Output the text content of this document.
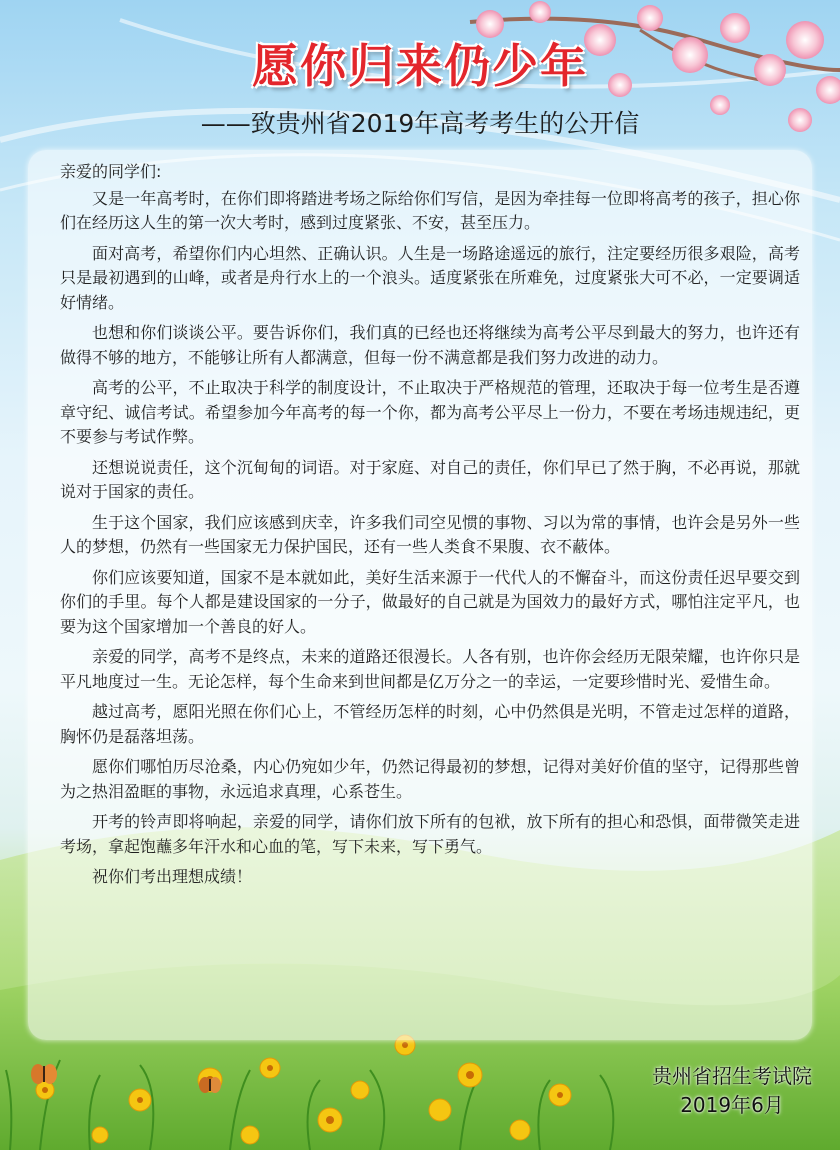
愿你归来仍少年
——致贵州省2019年高考考生的公开信

亲爱的同学们:

又是一年高考时，在你们即将踏进考场之际给你们写信，是因为牵挂每一位即将高考的孩子，担心你们在经历这人生的第一次大考时，感到过度紧张、不安，甚至压力。

面对高考，希望你们内心坦然、正确认识。人生是一场路途遥远的旅行，注定要经历很多艰险，高考只是最初遇到的山峰，或者是舟行水上的一个浪头。适度紧张在所难免，过度紧张大可不必，一定要调适好情绪。

也想和你们谈谈公平。要告诉你们，我们真的已经也还将继续为高考公平尽到最大的努力，也许还有做得不够的地方，不能够让所有人都满意，但每一份不满意都是我们努力改进的动力。

高考的公平，不止取决于科学的制度设计，不止取决于严格规范的管理，还取决于每一位考生是否遵章守纪、诚信考试。希望参加今年高考的每一个你，都为高考公平尽上一份力，不要在考场违规违纪，更不要参与考试作弊。

还想说说责任，这个沉甸甸的词语。对于家庭、对自己的责任，你们早已了然于胸，不必再说，那就说对于国家的责任。

生于这个国家，我们应该感到庆幸，许多我们司空见惯的事物、习以为常的事情，也许会是另外一些人的梦想，仍然有一些国家无力保护国民，还有一些人类食不果腹、衣不蔽体。

你们应该要知道，国家不是本就如此，美好生活来源于一代代人的不懈奋斗，而这份责任迟早要交到你们的手里。每个人都是建设国家的一分子，做最好的自己就是为国效力的最好方式，哪怕注定平凡，也要为这个国家增加一个善良的好人。

亲爱的同学，高考不是终点，未来的道路还很漫长。人各有别，也许你会经历无限荣耀，也许你只是平凡地度过一生。无论怎样，每个生命来到世间都是亿万分之一的幸运，一定要珍惜时光、爱惜生命。

越过高考，愿阳光照在你们心上，不管经历怎样的时刻，心中仍然俱是光明，不管走过怎样的道路，胸怀仍是磊落坦荡。

愿你们哪怕历尽沧桑，内心仍宛如少年，仍然记得最初的梦想，记得对美好价值的坚守，记得那些曾为之热泪盈眶的事物，永远追求真理，心系苍生。

开考的铃声即将响起，亲爱的同学，请你们放下所有的包袱，放下所有的担心和恐惧，面带微笑走进考场，拿起饱蘸多年汗水和心血的笔，写下未来，写下勇气。

祝你们考出理想成绩！

贵州省招生考试院
2019年6月
